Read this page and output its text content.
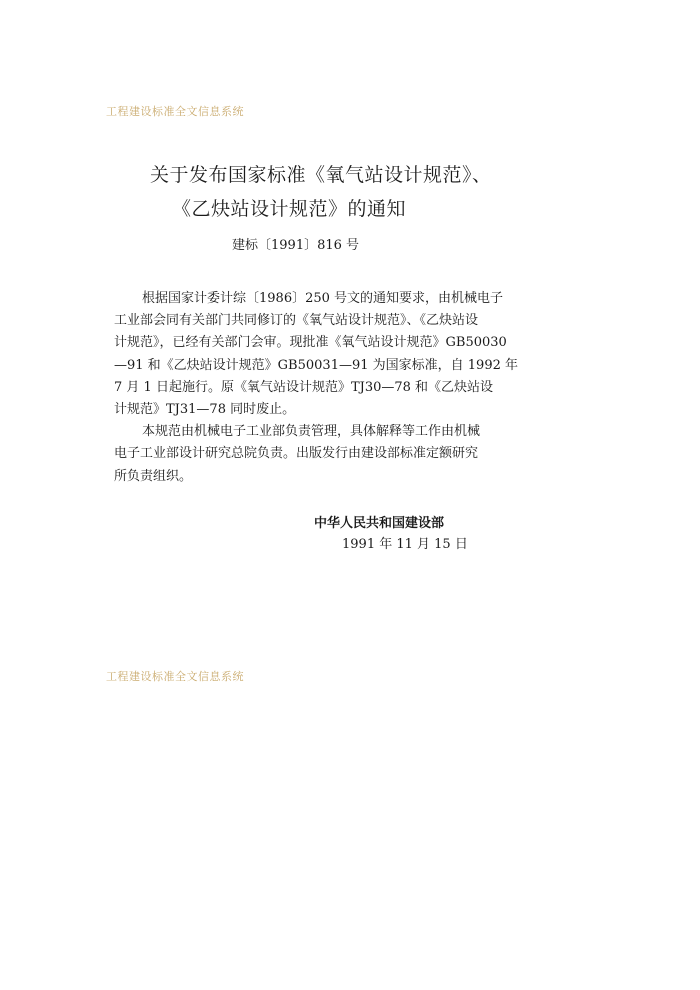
工程建设标准全文信息系统
关于发布国家标准《氧气站设计规范》、
《乙炔站设计规范》的通知
建标〔1991〕816 号
根据国家计委计综〔1986〕250 号文的通知要求，由机械电子
工业部会同有关部门共同修订的《氧气站设计规范》、《乙炔站设
计规范》，已经有关部门会审。现批准《氧气站设计规范》GB50030
—91 和《乙炔站设计规范》GB50031—91 为国家标准，自 1992 年
7 月 1 日起施行。原《氧气站设计规范》TJ30—78 和《乙炔站设
计规范》TJ31—78 同时废止。
本规范由机械电子工业部负责管理，具体解释等工作由机械
电子工业部设计研究总院负责。出版发行由建设部标准定额研究
所负责组织。
中华人民共和国建设部
1991 年 11 月 15 日
工程建设标准全文信息系统
